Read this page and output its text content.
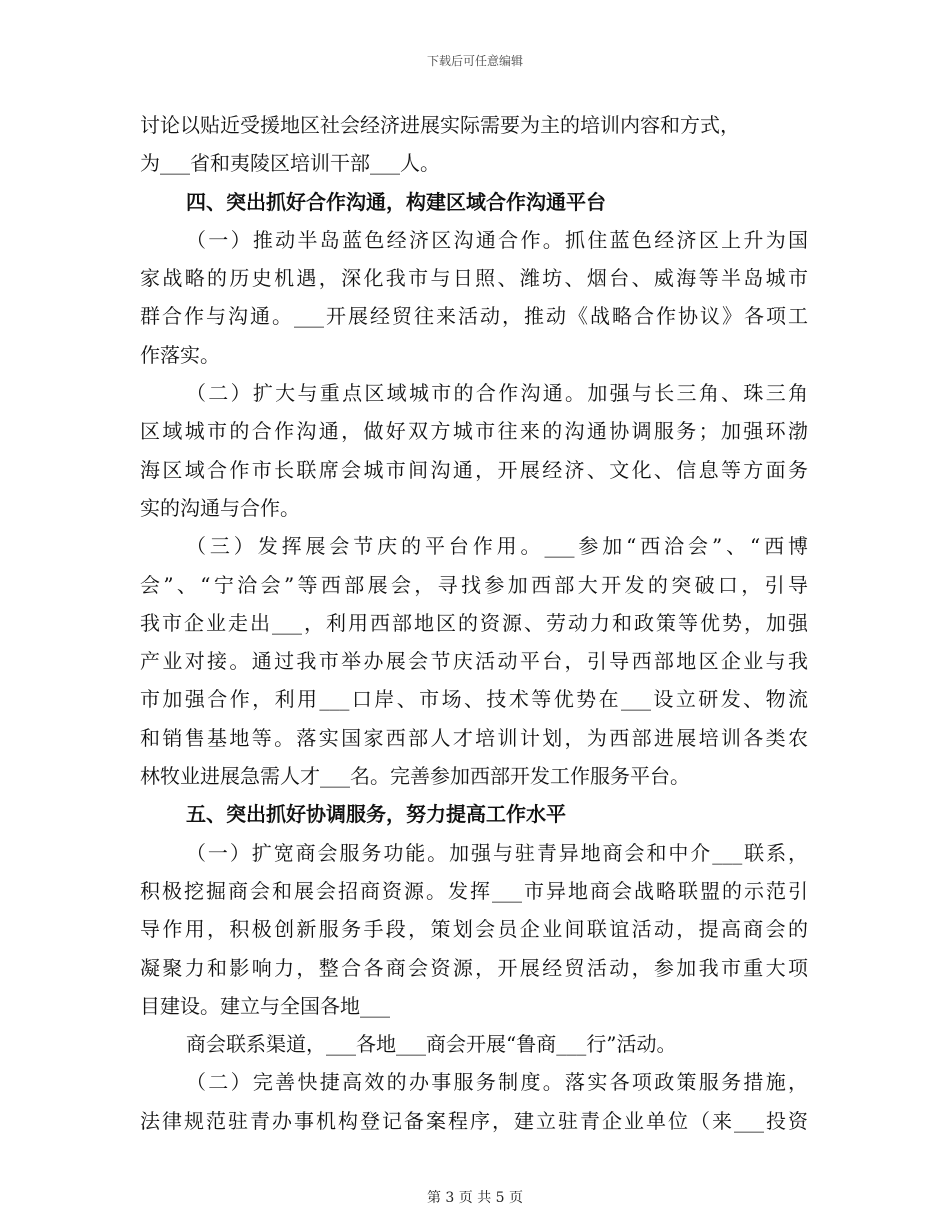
下载后可任意编辑
讨论以贴近受援地区社会经济进展实际需要为主的培训内容和方式，
为___省和夷陵区培训干部___人。
四、突出抓好合作沟通，构建区域合作沟通平台
（一）推动半岛蓝色经济区沟通合作。抓住蓝色经济区上升为国
家战略的历史机遇，深化我市与日照、潍坊、烟台、威海等半岛城市
群合作与沟通。___开展经贸往来活动，推动《战略合作协议》各项工
作落实。
（二）扩大与重点区域城市的合作沟通。加强与长三角、珠三角
区域城市的合作沟通，做好双方城市往来的沟通协调服务；加强环渤
海区域合作市长联席会城市间沟通，开展经济、文化、信息等方面务
实的沟通与合作。
（三）发挥展会节庆的平台作用。___参加“西洽会”、“西博
会”、“宁洽会”等西部展会，寻找参加西部大开发的突破口，引导
我市企业走出___，利用西部地区的资源、劳动力和政策等优势，加强
产业对接。通过我市举办展会节庆活动平台，引导西部地区企业与我
市加强合作，利用___口岸、市场、技术等优势在___设立研发、物流
和销售基地等。落实国家西部人才培训计划，为西部进展培训各类农
林牧业进展急需人才___名。完善参加西部开发工作服务平台。
五、突出抓好协调服务，努力提高工作水平
（一）扩宽商会服务功能。加强与驻青异地商会和中介___联系，
积极挖掘商会和展会招商资源。发挥___市异地商会战略联盟的示范引
导作用，积极创新服务手段，策划会员企业间联谊活动，提高商会的
凝聚力和影响力，整合各商会资源，开展经贸活动，参加我市重大项
目建设。建立与全国各地___
商会联系渠道，___各地___商会开展“鲁商___行”活动。
（二）完善快捷高效的办事服务制度。落实各项政策服务措施，
法律规范驻青办事机构登记备案程序，建立驻青企业单位（来___投资
第 3 页 共 5 页
